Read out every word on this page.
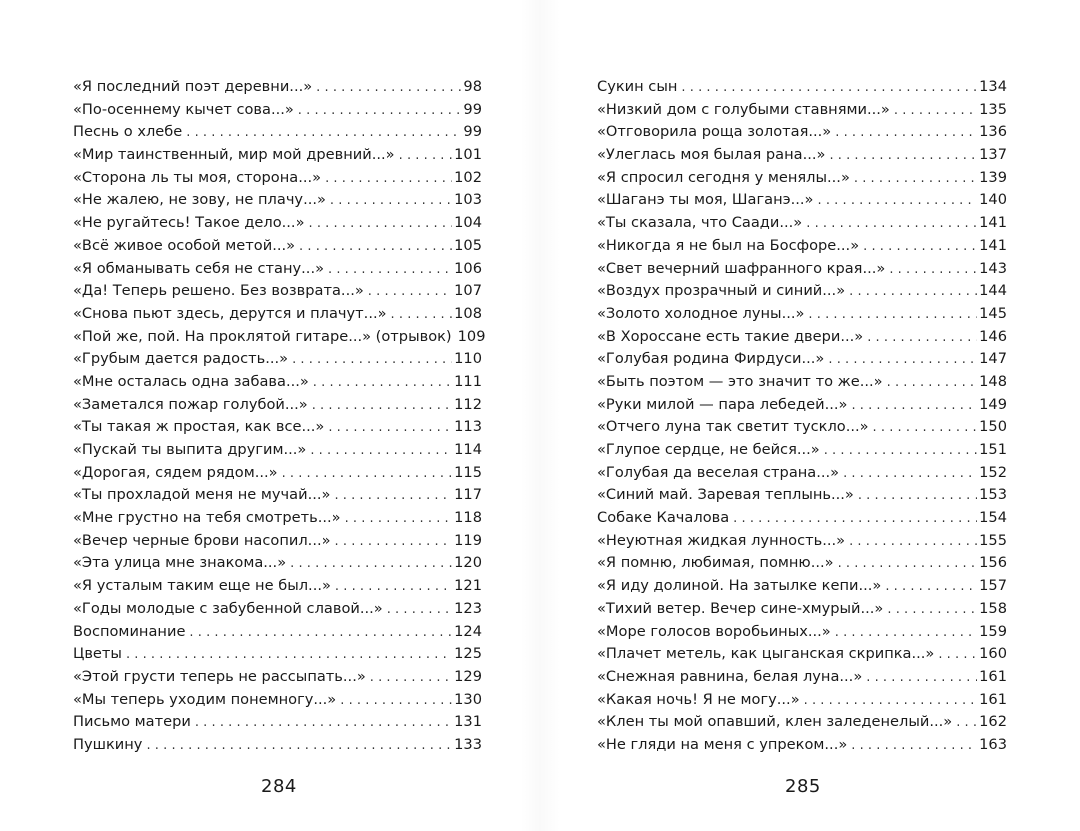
«Я последний поэт деревни...» .....	98
«По-осеннему кычет сова...» .....	99
Песнь о хлебе .....	99
«Мир таинственный, мир мой древний...» .....	101
«Сторона ль ты моя, сторона...» .....	102
«Не жалею, не зову, не плачу...» .....	103
«Не ругайтесь! Такое дело...» .....	104
«Всё живое особой метой...» .....	105
«Я обманывать себя не стану...» .....	106
«Да! Теперь решено. Без возврата...» .....	107
«Снова пьют здесь, дерутся и плачут...» .....	108
«Пой же, пой. На проклятой гитаре...» (отрывок) 109
«Грубым дается радость...» .....	110
«Мне осталась одна забава...» .....	111
«Заметался пожар голубой...» .....	112
«Ты такая ж простая, как все...» .....	113
«Пускай ты выпита другим...» .....	114
«Дорогая, сядем рядом...» .....	115
«Ты прохладой меня не мучай...» .....	117
«Мне грустно на тебя смотреть...» .....	118
«Вечер черные брови насопил...» .....	119
«Эта улица мне знакома...» .....	120
«Я усталым таким еще не был...» .....	121
«Годы молодые с забубенной славой...» .....	123
Воспоминание .....	124
Цветы .....	125
«Этой грусти теперь не рассыпать...» .....	129
«Мы теперь уходим понемногу...» .....	130
Письмо матери .....	131
Пушкину .....	133
Сукин сын .....	134
«Низкий дом с голубыми ставнями...» .....	135
«Отговорила роща золотая...» .....	136
«Улеглась моя былая рана...» .....	137
«Я спросил сегодня у менялы...» .....	139
«Шаганэ ты моя, Шаганэ...» .....	140
«Ты сказала, что Саади...» .....	141
«Никогда я не был на Босфоре...» .....	141
«Свет вечерний шафранного края...» .....	143
«Воздух прозрачный и синий...» .....	144
«Золото холодное луны...» .....	145
«В Хороссане есть такие двери...» .....	146
«Голубая родина Фирдуси...» .....	147
«Быть поэтом — это значит то же...» .....	148
«Руки милой — пара лебедей...» .....	149
«Отчего луна так светит тускло...» .....	150
«Глупое сердце, не бейся...» .....	151
«Голубая да веселая страна...» .....	152
«Синий май. Заревая теплынь...» .....	153
Собаке Качалова .....	154
«Неуютная жидкая лунность...» .....	155
«Я помню, любимая, помню...» .....	156
«Я иду долиной. На затылке кепи...» .....	157
«Тихий ветер. Вечер сине-хмурый...» .....	158
«Море голосов воробьиных...» .....	159
«Плачет метель, как цыганская скрипка...» .....	160
«Снежная равнина, белая луна...» .....	161
«Какая ночь! Я не могу...» .....	161
«Клен ты мой опавший, клен заледенелый...» ..... 162
«Не гляди на меня с упреком...» .....	163
284	285
